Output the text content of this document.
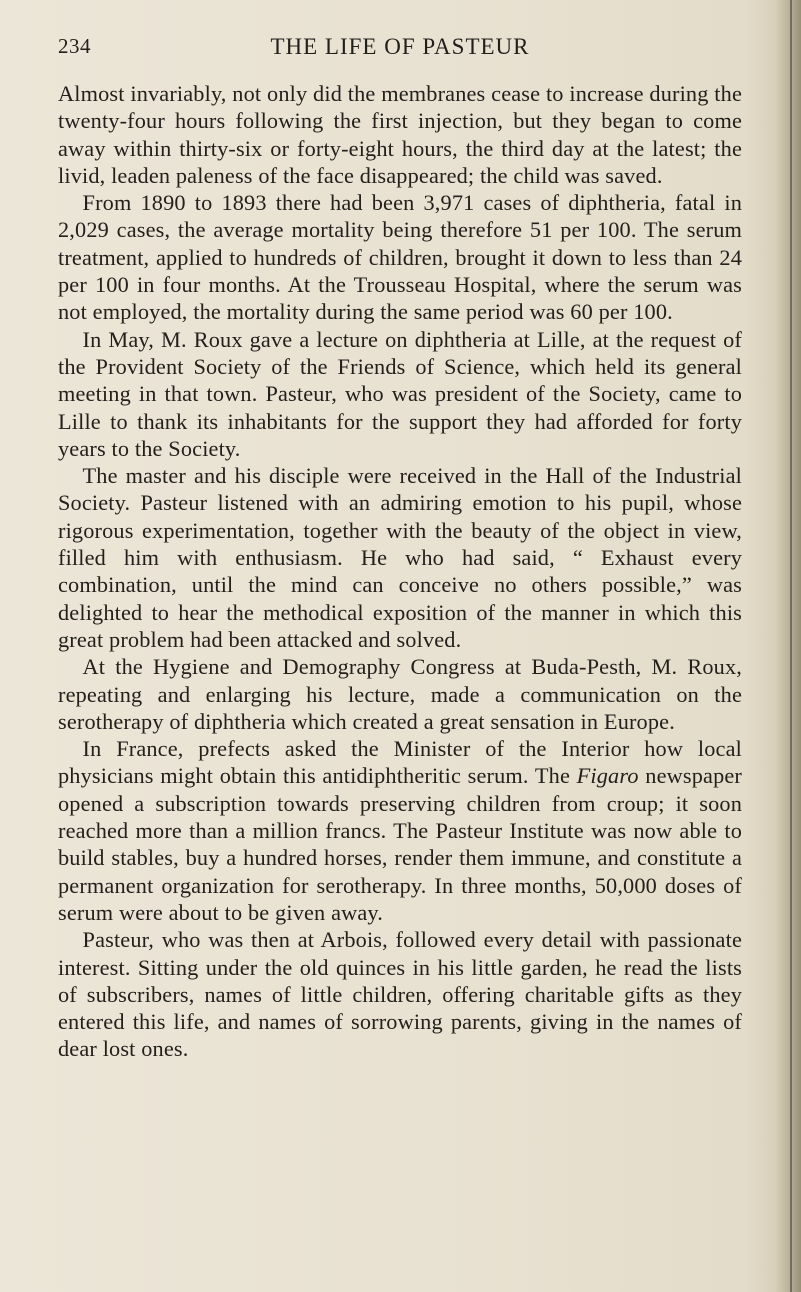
234	THE LIFE OF PASTEUR

Almost invariably, not only did the membranes cease to increase during the twenty-four hours following the first injection, but they began to come away within thirty-six or forty-eight hours, the third day at the latest; the livid, leaden paleness of the face disappeared; the child was saved.

From 1890 to 1893 there had been 3,971 cases of diphtheria, fatal in 2,029 cases, the average mortality being therefore 51 per 100. The serum treatment, applied to hundreds of children, brought it down to less than 24 per 100 in four months. At the Trousseau Hospital, where the serum was not employed, the mortality during the same period was 60 per 100.

In May, M. Roux gave a lecture on diphtheria at Lille, at the request of the Provident Society of the Friends of Science, which held its general meeting in that town. Pasteur, who was president of the Society, came to Lille to thank its inhabitants for the support they had afforded for forty years to the Society.

The master and his disciple were received in the Hall of the Industrial Society. Pasteur listened with an admiring emotion to his pupil, whose rigorous experimentation, together with the beauty of the object in view, filled him with enthusiasm. He who had said, “ Exhaust every combination, until the mind can conceive no others possible,” was delighted to hear the methodical exposition of the manner in which this great problem had been attacked and solved.

At the Hygiene and Demography Congress at Buda-Pesth, M. Roux, repeating and enlarging his lecture, made a communication on the serotherapy of diphtheria which created a great sensation in Europe.

In France, prefects asked the Minister of the Interior how local physicians might obtain this antidiphtheritic serum. The Figaro newspaper opened a subscription towards preserving children from croup; it soon reached more than a million francs. The Pasteur Institute was now able to build stables, buy a hundred horses, render them immune, and constitute a permanent organization for serotherapy. In three months, 50,000 doses of serum were about to be given away.

Pasteur, who was then at Arbois, followed every detail with passionate interest. Sitting under the old quinces in his little garden, he read the lists of subscribers, names of little children, offering charitable gifts as they entered this life, and names of sorrowing parents, giving in the names of dear lost ones.
